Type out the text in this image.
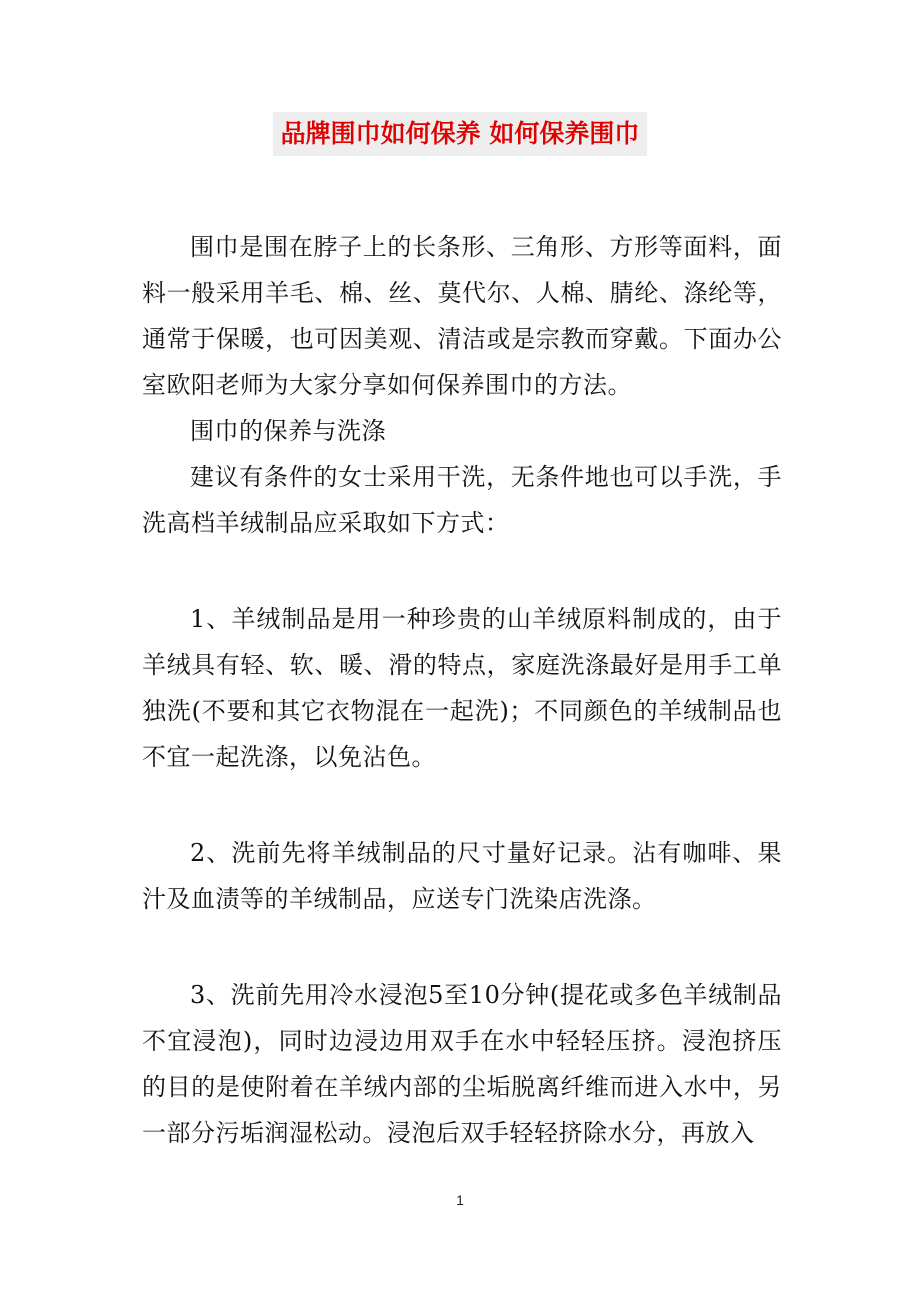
品牌围巾如何保养 如何保养围巾

围巾是围在脖子上的长条形、三角形、方形等面料，面料一般采用羊毛、棉、丝、莫代尔、人棉、腈纶、涤纶等，通常于保暖，也可因美观、清洁或是宗教而穿戴。下面办公室欧阳老师为大家分享如何保养围巾的方法。

围巾的保养与洗涤

建议有条件的女士采用干洗，无条件地也可以手洗，手洗高档羊绒制品应采取如下方式：

1、羊绒制品是用一种珍贵的山羊绒原料制成的，由于羊绒具有轻、软、暖、滑的特点，家庭洗涤最好是用手工单独洗(不要和其它衣物混在一起洗)；不同颜色的羊绒制品也不宜一起洗涤，以免沾色。

2、洗前先将羊绒制品的尺寸量好记录。沾有咖啡、果汁及血渍等的羊绒制品，应送专门洗染店洗涤。

3、洗前先用冷水浸泡5至10分钟(提花或多色羊绒制品不宜浸泡)，同时边浸边用双手在水中轻轻压挤。浸泡挤压的目的是使附着在羊绒内部的尘垢脱离纤维而进入水中，另一部分污垢润湿松动。浸泡后双手轻轻挤除水分，再放入

1
